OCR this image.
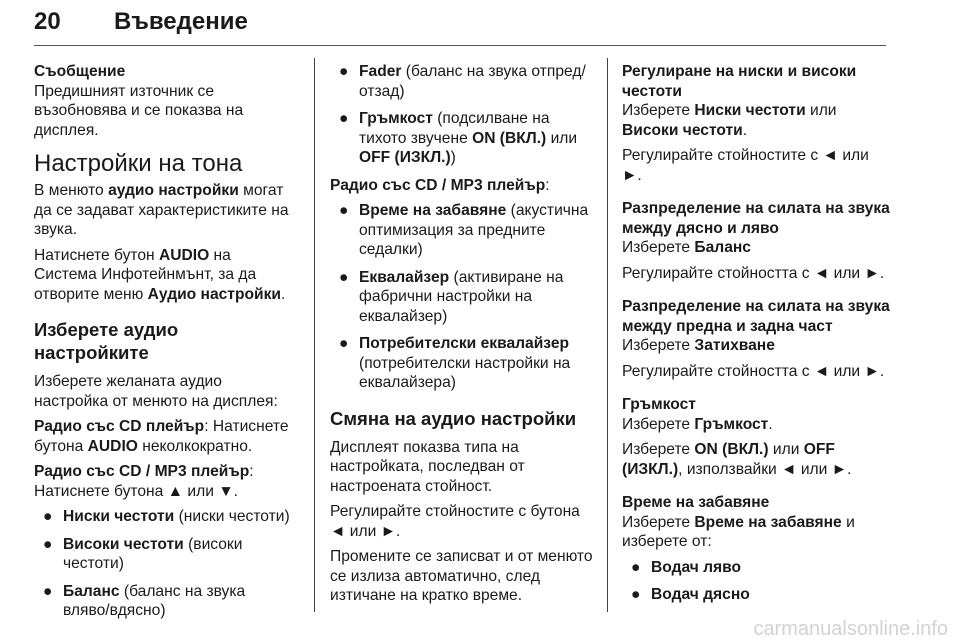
20 Въведение

Съобщение

Предишният източник се възобновява и се показва на дисплея.

Настройки на тона

В менюто аудио настройки могат да се задават характеристиките на звука.

Натиснете бутон AUDIO на Система Инфотейнмънт, за да отворите меню Аудио настройки.

Изберете аудио настройките

Изберете желаната аудио настройка от менюто на дисплея:

Радио със CD плейър: Натиснете бутона AUDIO неколкократно.

Радио със CD / MP3 плейър:
Натиснете бутона ▲ или ▼.

● Ниски честоти (ниски честоти)
● Високи честоти (високи честоти)
● Баланс (баланс на звука вляво/вдясно)
● Fader (баланс на звука отпред/отзад)
● Гръмкост (подсилване на тихото звучене ON (ВКЛ.) или OFF (ИЗКЛ.))

Радио със CD / MP3 плейър:

● Време на забавяне (акустична оптимизация за предните седалки)
● Еквалайзер (активиране на фабрични настройки на еквалайзер)
● Потребителски еквалайзер (потребителски настройки на еквалайзера)
Смяна на аудио настройки

Дисплеят показва типа на настройката, последван от настроената стойност.

Регулирайте стойностите с бутона ◄ или ►.

Промените се записват и от менюто се излиза автоматично, след изтичане на кратко време.

Регулиране на ниски и високи честоти

Изберете Ниски честоти или Високи честоти.

Регулирайте стойностите с ◄ или ►.

Разпределение на силата на звука между дясно и ляво

Изберете Баланс

Регулирайте стойността с ◄ или ►.

Разпределение на силата на звука между предна и задна част

Изберете Затихване

Регулирайте стойността с ◄ или ►.

Гръмкост

Изберете Гръмкост.

Изберете ON (ВКЛ.) или OFF (ИЗКЛ.), използвайки ◄ или ►.

Време на забавяне

Изберете Време на забавяне и изберете от:

● Водач ляво
● Водач дясно
carmanualsonline.info
